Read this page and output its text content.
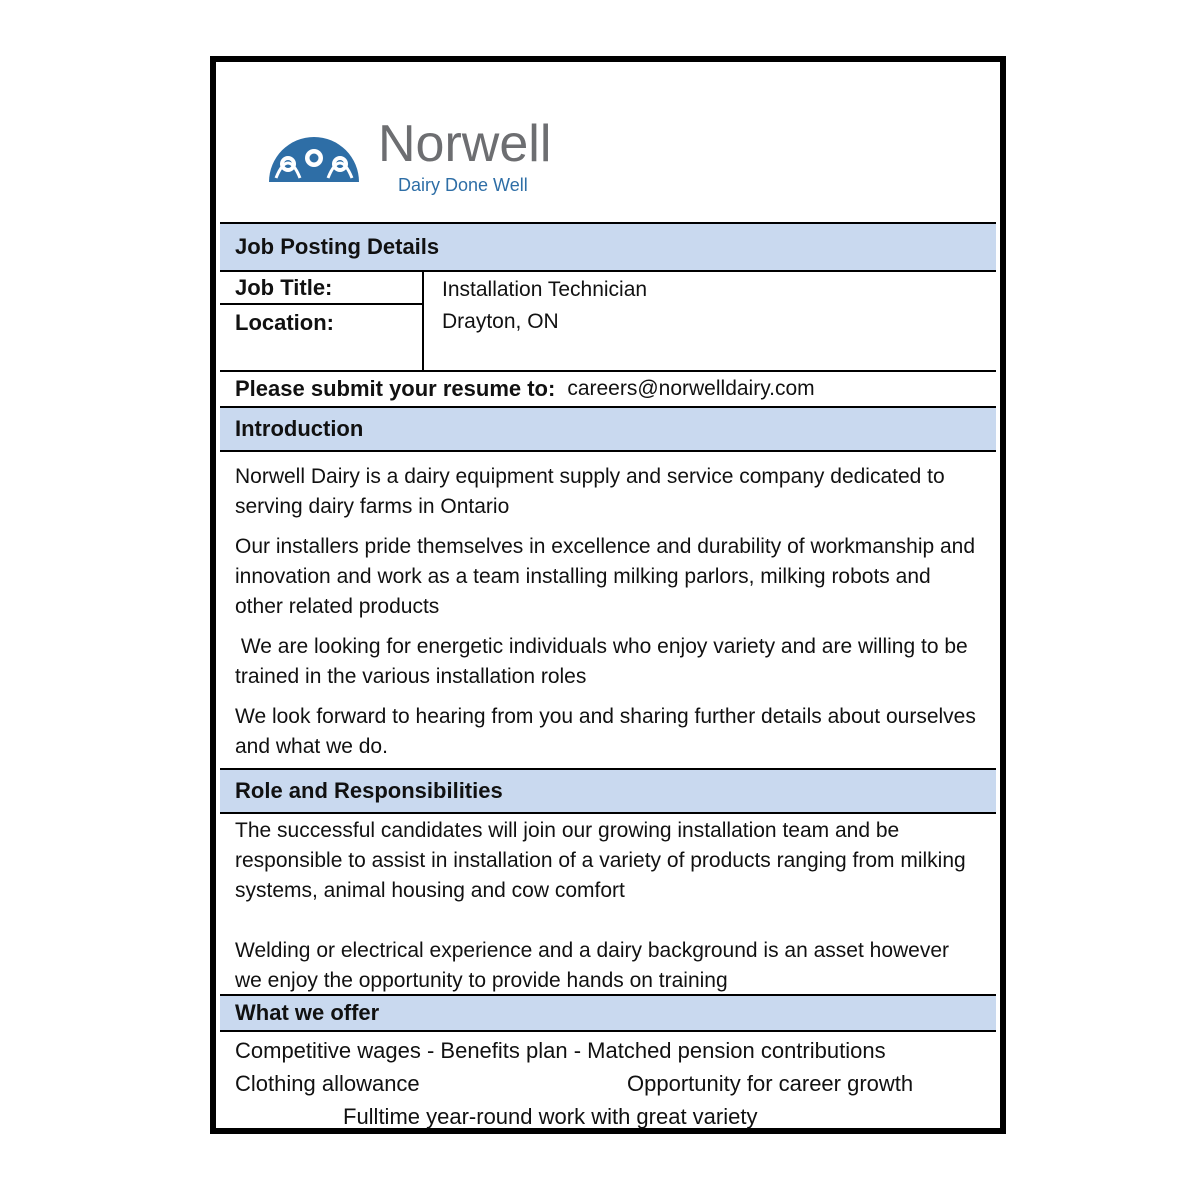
Norwell
Dairy Done Well
Job Posting Details
Job Title:
Location:
Installation Technician
Drayton, ON
Please submit your resume to: careers@norwelldairy.com
Introduction

Norwell Dairy is a dairy equipment supply and service company dedicated to serving dairy farms in Ontario

Our installers pride themselves in excellence and durability of workmanship and innovation and work as a team installing milking parlors, milking robots and other related products

We are looking for energetic individuals who enjoy variety and are willing to be trained in the various installation roles

We look forward to hearing from you and sharing further details about ourselves and what we do.

Role and Responsibilities

The successful candidates will join our growing installation team and be responsible to assist in installation of a variety of products ranging from milking systems, animal housing and cow comfort

Welding or electrical experience and a dairy background is an asset however we enjoy the opportunity to provide hands on training

What we offer
Competitive wages - Benefits plan - Matched pension contributions
Clothing allowance	Opportunity for career growth
Fulltime year-round work with great variety
